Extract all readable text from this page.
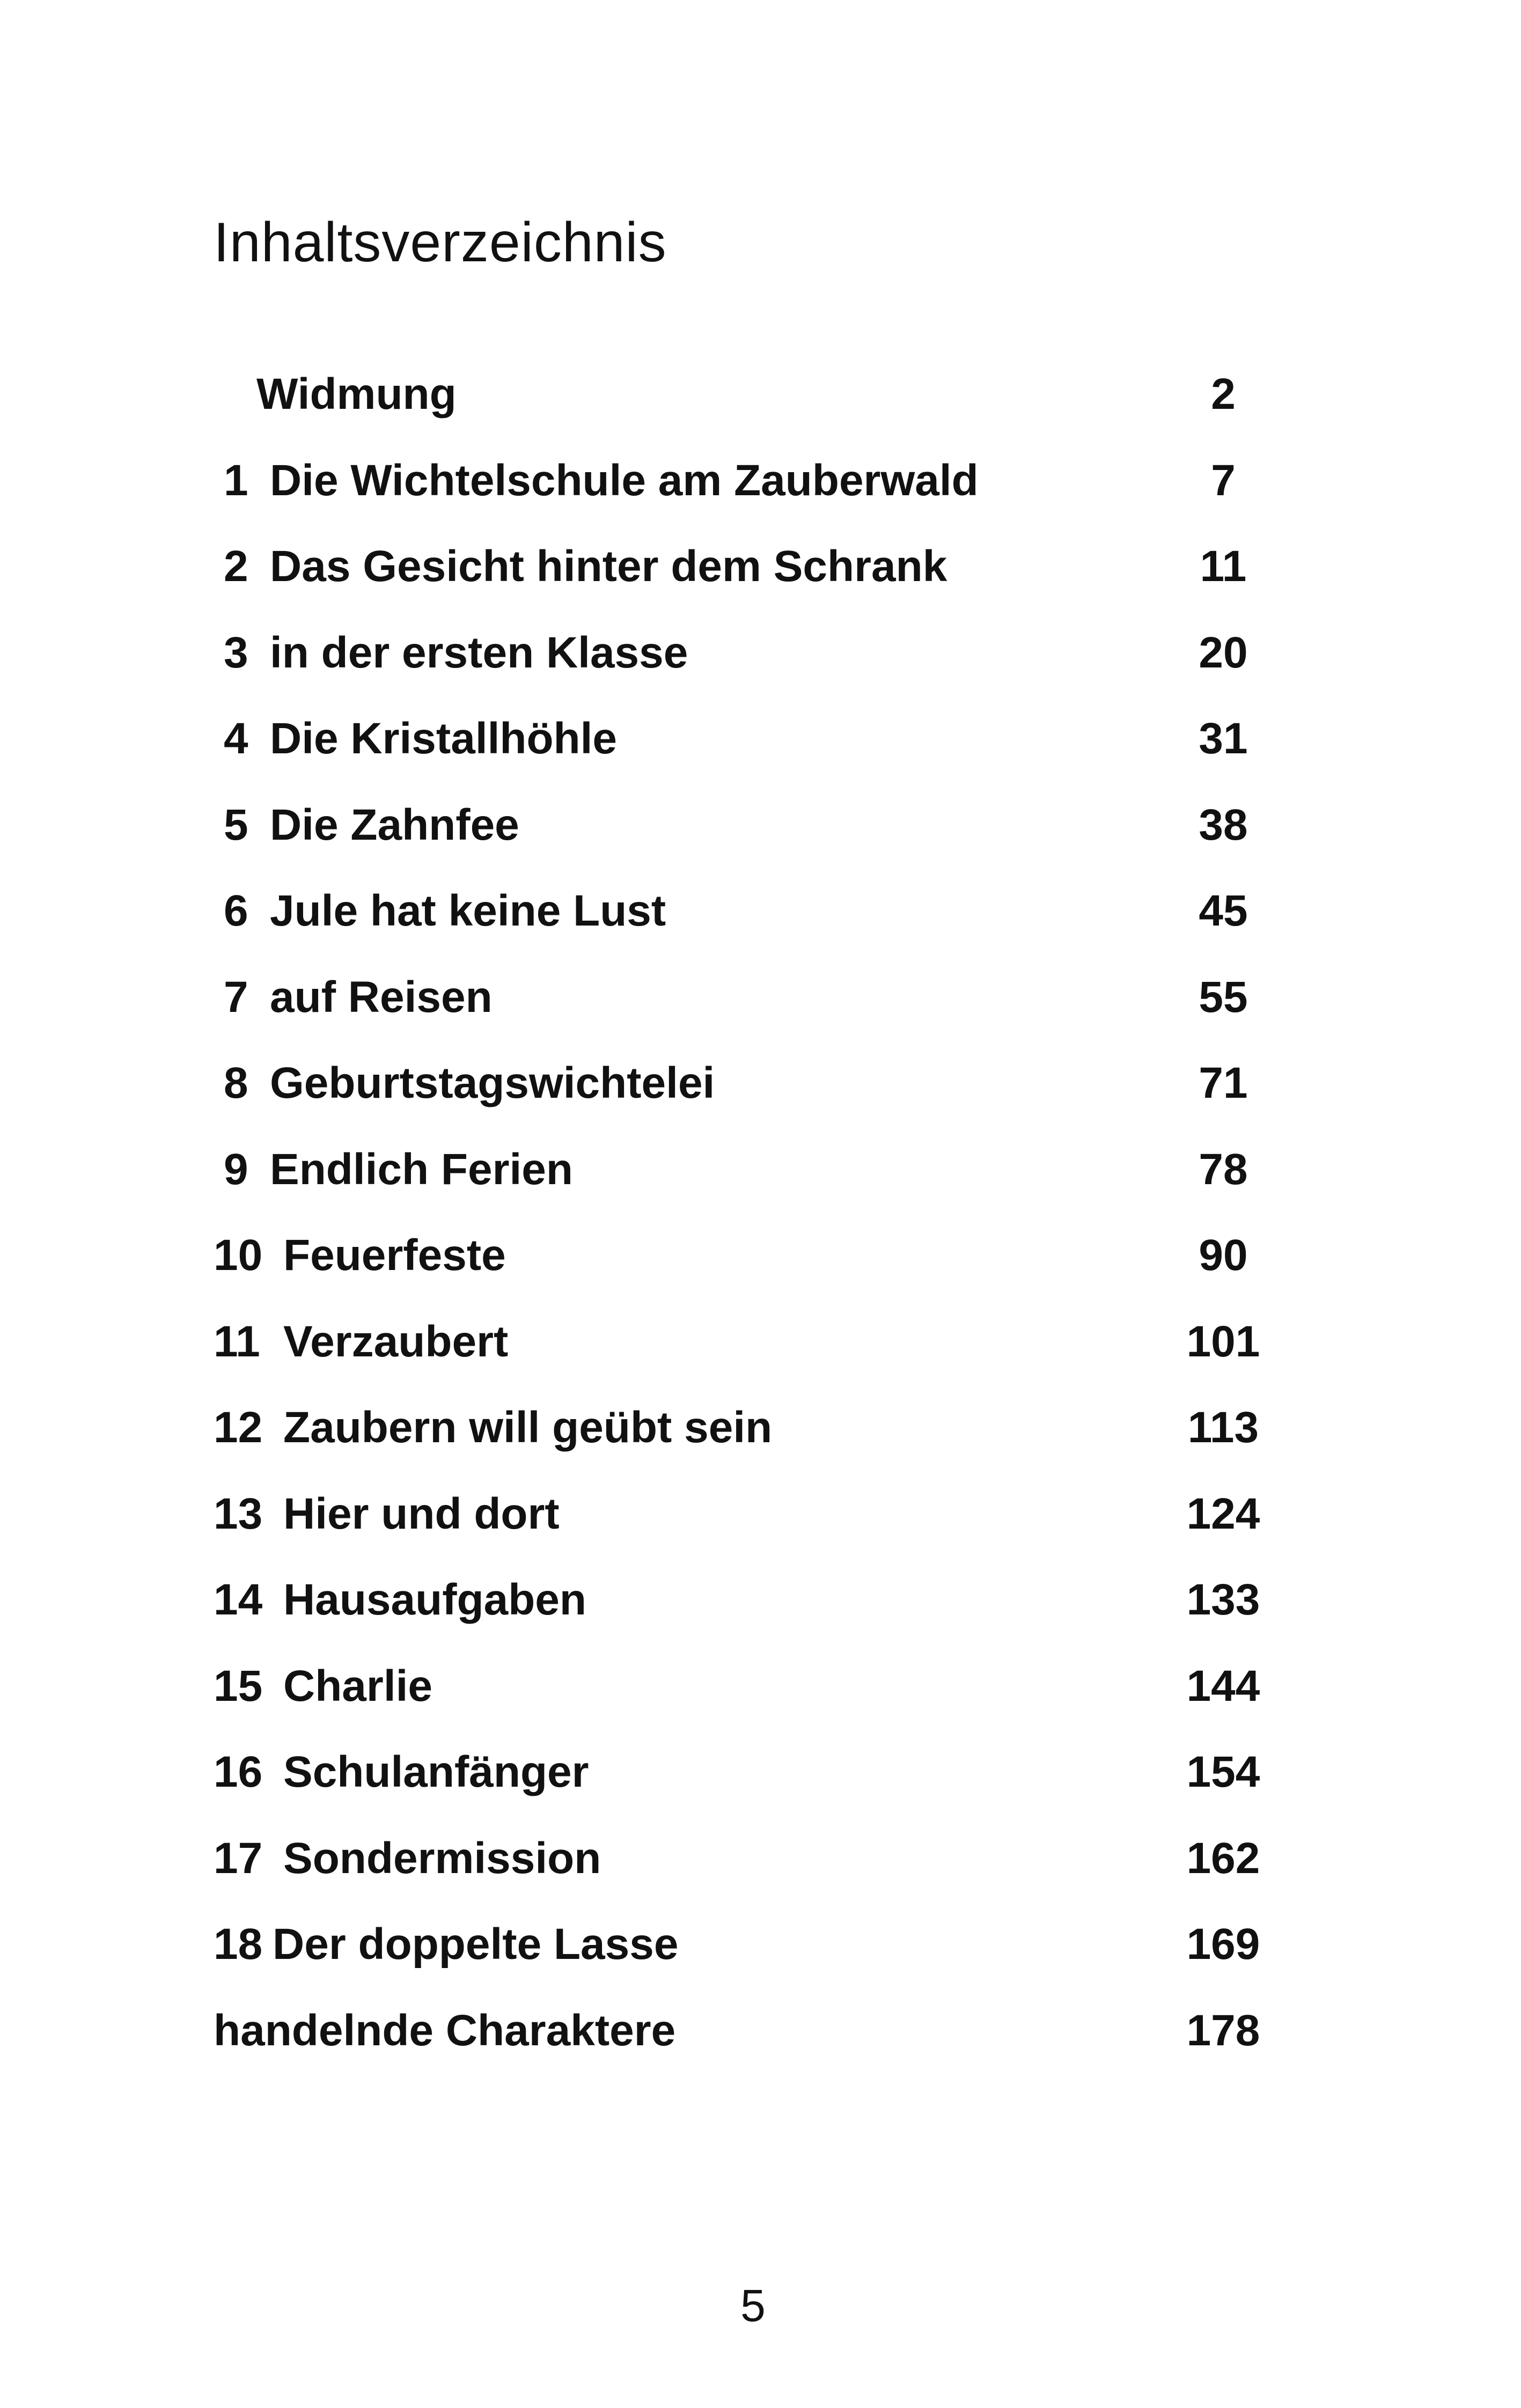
Inhaltsverzeichnis
Widmung	2
1 Die Wichtelschule am Zauberwald	7
2 Das Gesicht hinter dem Schrank	11
3 in der ersten Klasse	20
4 Die Kristallhöhle	31
5 Die Zahnfee	38
6 Jule hat keine Lust	45
7 auf Reisen	55
8 Geburtstagswichtelei	71
9 Endlich Ferien	78
10 Feuerfeste	90
11 Verzaubert	101
12 Zaubern will geübt sein	113
13 Hier und dort	124
14 Hausaufgaben	133
15 Charlie	144
16 Schulanfänger	154
17 Sondermission	162
18 Der doppelte Lasse	169
handelnde Charaktere	178
5
